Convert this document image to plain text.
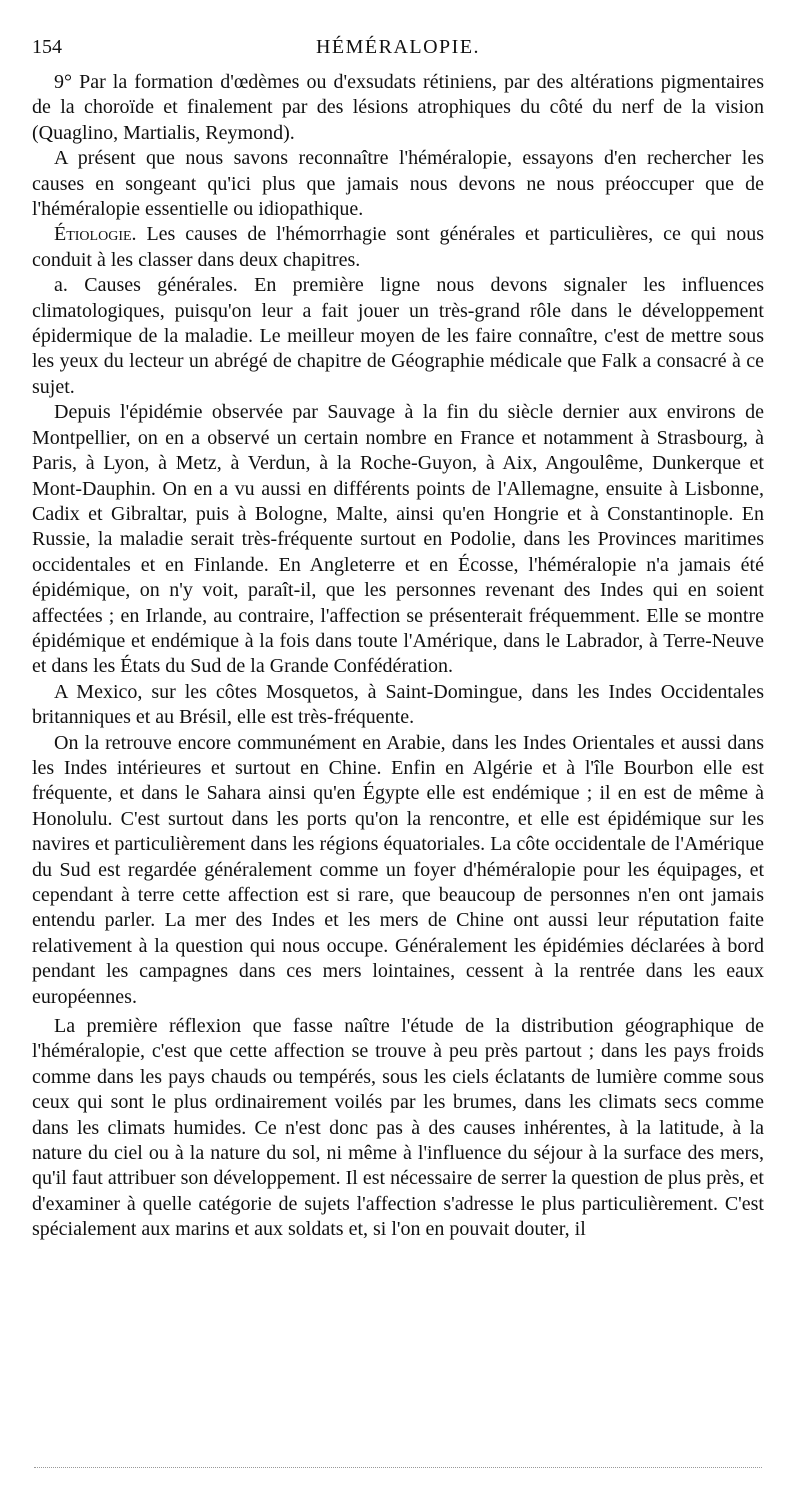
154	HÉMÉRALOPIE.

9° Par la formation d'œdèmes ou d'exsudats rétiniens, par des altérations pigmentaires de la choroïde et finalement par des lésions atrophiques du côté du nerf de la vision (Quaglino, Martialis, Reymond).

A présent que nous savons reconnaître l'héméralopie, essayons d'en rechercher les causes en songeant qu'ici plus que jamais nous devons ne nous préoccuper que de l'héméralopie essentielle ou idiopathique.

Étiologie. Les causes de l'hémorrhagie sont générales et particulières, ce qui nous conduit à les classer dans deux chapitres.

a. Causes générales. En première ligne nous devons signaler les influences climatologiques, puisqu'on leur a fait jouer un très-grand rôle dans le développement épidermique de la maladie. Le meilleur moyen de les faire connaître, c'est de mettre sous les yeux du lecteur un abrégé de chapitre de Géographie médicale que Falk a consacré à ce sujet.

Depuis l'épidémie observée par Sauvage à la fin du siècle dernier aux environs de Montpellier, on en a observé un certain nombre en France et notamment à Strasbourg, à Paris, à Lyon, à Metz, à Verdun, à la Roche-Guyon, à Aix, Angoulême, Dunkerque et Mont-Dauphin. On en a vu aussi en différents points de l'Allemagne, ensuite à Lisbonne, Cadix et Gibraltar, puis à Bologne, Malte, ainsi qu'en Hongrie et à Constantinople. En Russie, la maladie serait très-fréquente surtout en Podolie, dans les Provinces maritimes occidentales et en Finlande. En Angleterre et en Écosse, l'héméralopie n'a jamais été épidémique, on n'y voit, paraît-il, que les personnes revenant des Indes qui en soient affectées ; en Irlande, au contraire, l'affection se présenterait fréquemment. Elle se montre épidémique et endémique à la fois dans toute l'Amérique, dans le Labrador, à Terre-Neuve et dans les États du Sud de la Grande Confédération.

A Mexico, sur les côtes Mosquetos, à Saint-Domingue, dans les Indes Occidentales britanniques et au Brésil, elle est très-fréquente.

On la retrouve encore communément en Arabie, dans les Indes Orientales et aussi dans les Indes intérieures et surtout en Chine. Enfin en Algérie et à l'île Bourbon elle est fréquente, et dans le Sahara ainsi qu'en Égypte elle est endémique ; il en est de même à Honolulu. C'est surtout dans les ports qu'on la rencontre, et elle est épidémique sur les navires et particulièrement dans les régions équatoriales. La côte occidentale de l'Amérique du Sud est regardée généralement comme un foyer d'héméralopie pour les équipages, et cependant à terre cette affection est si rare, que beaucoup de personnes n'en ont jamais entendu parler. La mer des Indes et les mers de Chine ont aussi leur réputation faite relativement à la question qui nous occupe. Généralement les épidémies déclarées à bord pendant les campagnes dans ces mers lointaines, cessent à la rentrée dans les eaux européennes.

La première réflexion que fasse naître l'étude de la distribution géographique de l'héméralopie, c'est que cette affection se trouve à peu près partout ; dans les pays froids comme dans les pays chauds ou tempérés, sous les ciels éclatants de lumière comme sous ceux qui sont le plus ordinairement voilés par les brumes, dans les climats secs comme dans les climats humides. Ce n'est donc pas à des causes inhérentes, à la latitude, à la nature du ciel ou à la nature du sol, ni même à l'influence du séjour à la surface des mers, qu'il faut attribuer son développement. Il est nécessaire de serrer la question de plus près, et d'examiner à quelle catégorie de sujets l'affection s'adresse le plus particulièrement. C'est spécialement aux marins et aux soldats et, si l'on en pouvait douter, il
